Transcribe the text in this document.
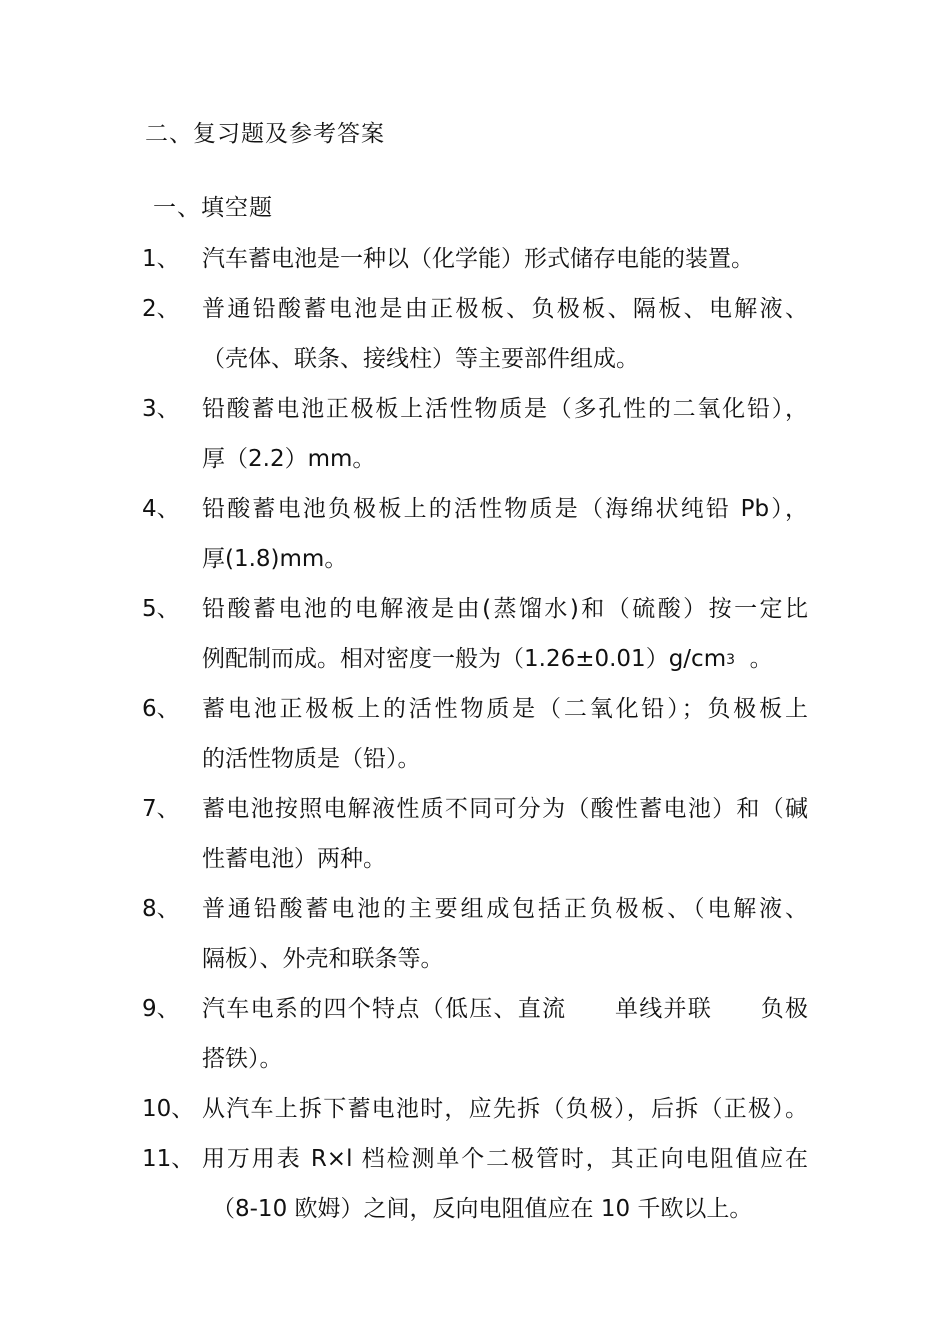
二、复习题及参考答案
一、填空题
1、 汽车蓄电池是一种以（化学能）形式储存电能的装置。
2、 普通铅酸蓄电池是由正极板、负极板、隔板、电解液、
（壳体、联条、接线柱）等主要部件组成。
3、 铅酸蓄电池正极板上活性物质是（多孔性的二氧化铅），
厚（2.2）mm。
4、 铅酸蓄电池负极板上的活性物质是（海绵状纯铅 Pb），
厚(1.8)mm。
5、 铅酸蓄电池的电解液是由(蒸馏水)和（硫酸）按一定比
例配制而成。相对密度一般为$(1.26\pm 0.01)g/cm^3$  。
6、 蓄电池正极板上的活性物质是（二氧化铅）；负极板上
的活性物质是（铅）。
7、 蓄电池按照电解液性质不同可分为（酸性蓄电池）和（碱
性蓄电池）两种。
8、 普通铅酸蓄电池的主要组成包括正负极板、（电解液、
隔板）、外壳和联条等。
9、 汽车电系的四个特点（低压、直流　　单线并联　　负极
搭铁）。
10、 从汽车上拆下蓄电池时，应先拆（负极），后拆（正极）。
11、 用万用表 R×l 档检测单个二极管时，其正向电阻值应在
（8-10 欧姆）之间，反向电阻值应在 10 千欧以上。
